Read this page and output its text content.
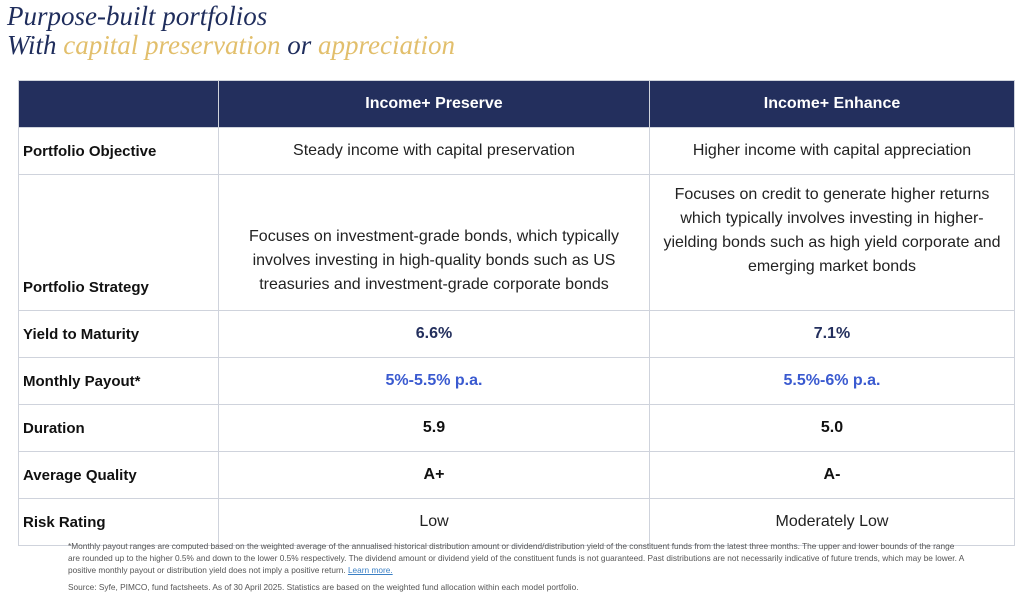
Purpose-built portfolios
With capital preservation or appreciation
	Income+ Preserve	Income+ Enhance
Portfolio Objective	Steady income with capital preservation	Higher income with capital appreciation
Portfolio Strategy	Focuses on investment-grade bonds, which typically involves investing in high-quality bonds such as US treasuries and investment-grade corporate bonds	Focuses on credit to generate higher returns which typically involves investing in higher-yielding bonds such as high yield corporate and emerging market bonds
Yield to Maturity	6.6%	7.1%
Monthly Payout*	5%-5.5% p.a.	5.5%-6% p.a.
Duration	5.9	5.0
Average Quality	A+	A-
Risk Rating	Low	Moderately Low
*Monthly payout ranges are computed based on the weighted average of the annualised historical distribution amount or dividend/distribution yield of the constituent funds from the latest three months. The upper and lower bounds of the range are rounded up to the higher 0.5% and down to the lower 0.5% respectively. The dividend amount or dividend yield of the constituent funds is not guaranteed. Past distributions are not necessarily indicative of future trends, which may be lower. A positive monthly payout or distribution yield does not imply a positive return. Learn more.
Source: Syfe, PIMCO, fund factsheets. As of 30 April 2025. Statistics are based on the weighted fund allocation within each model portfolio.
